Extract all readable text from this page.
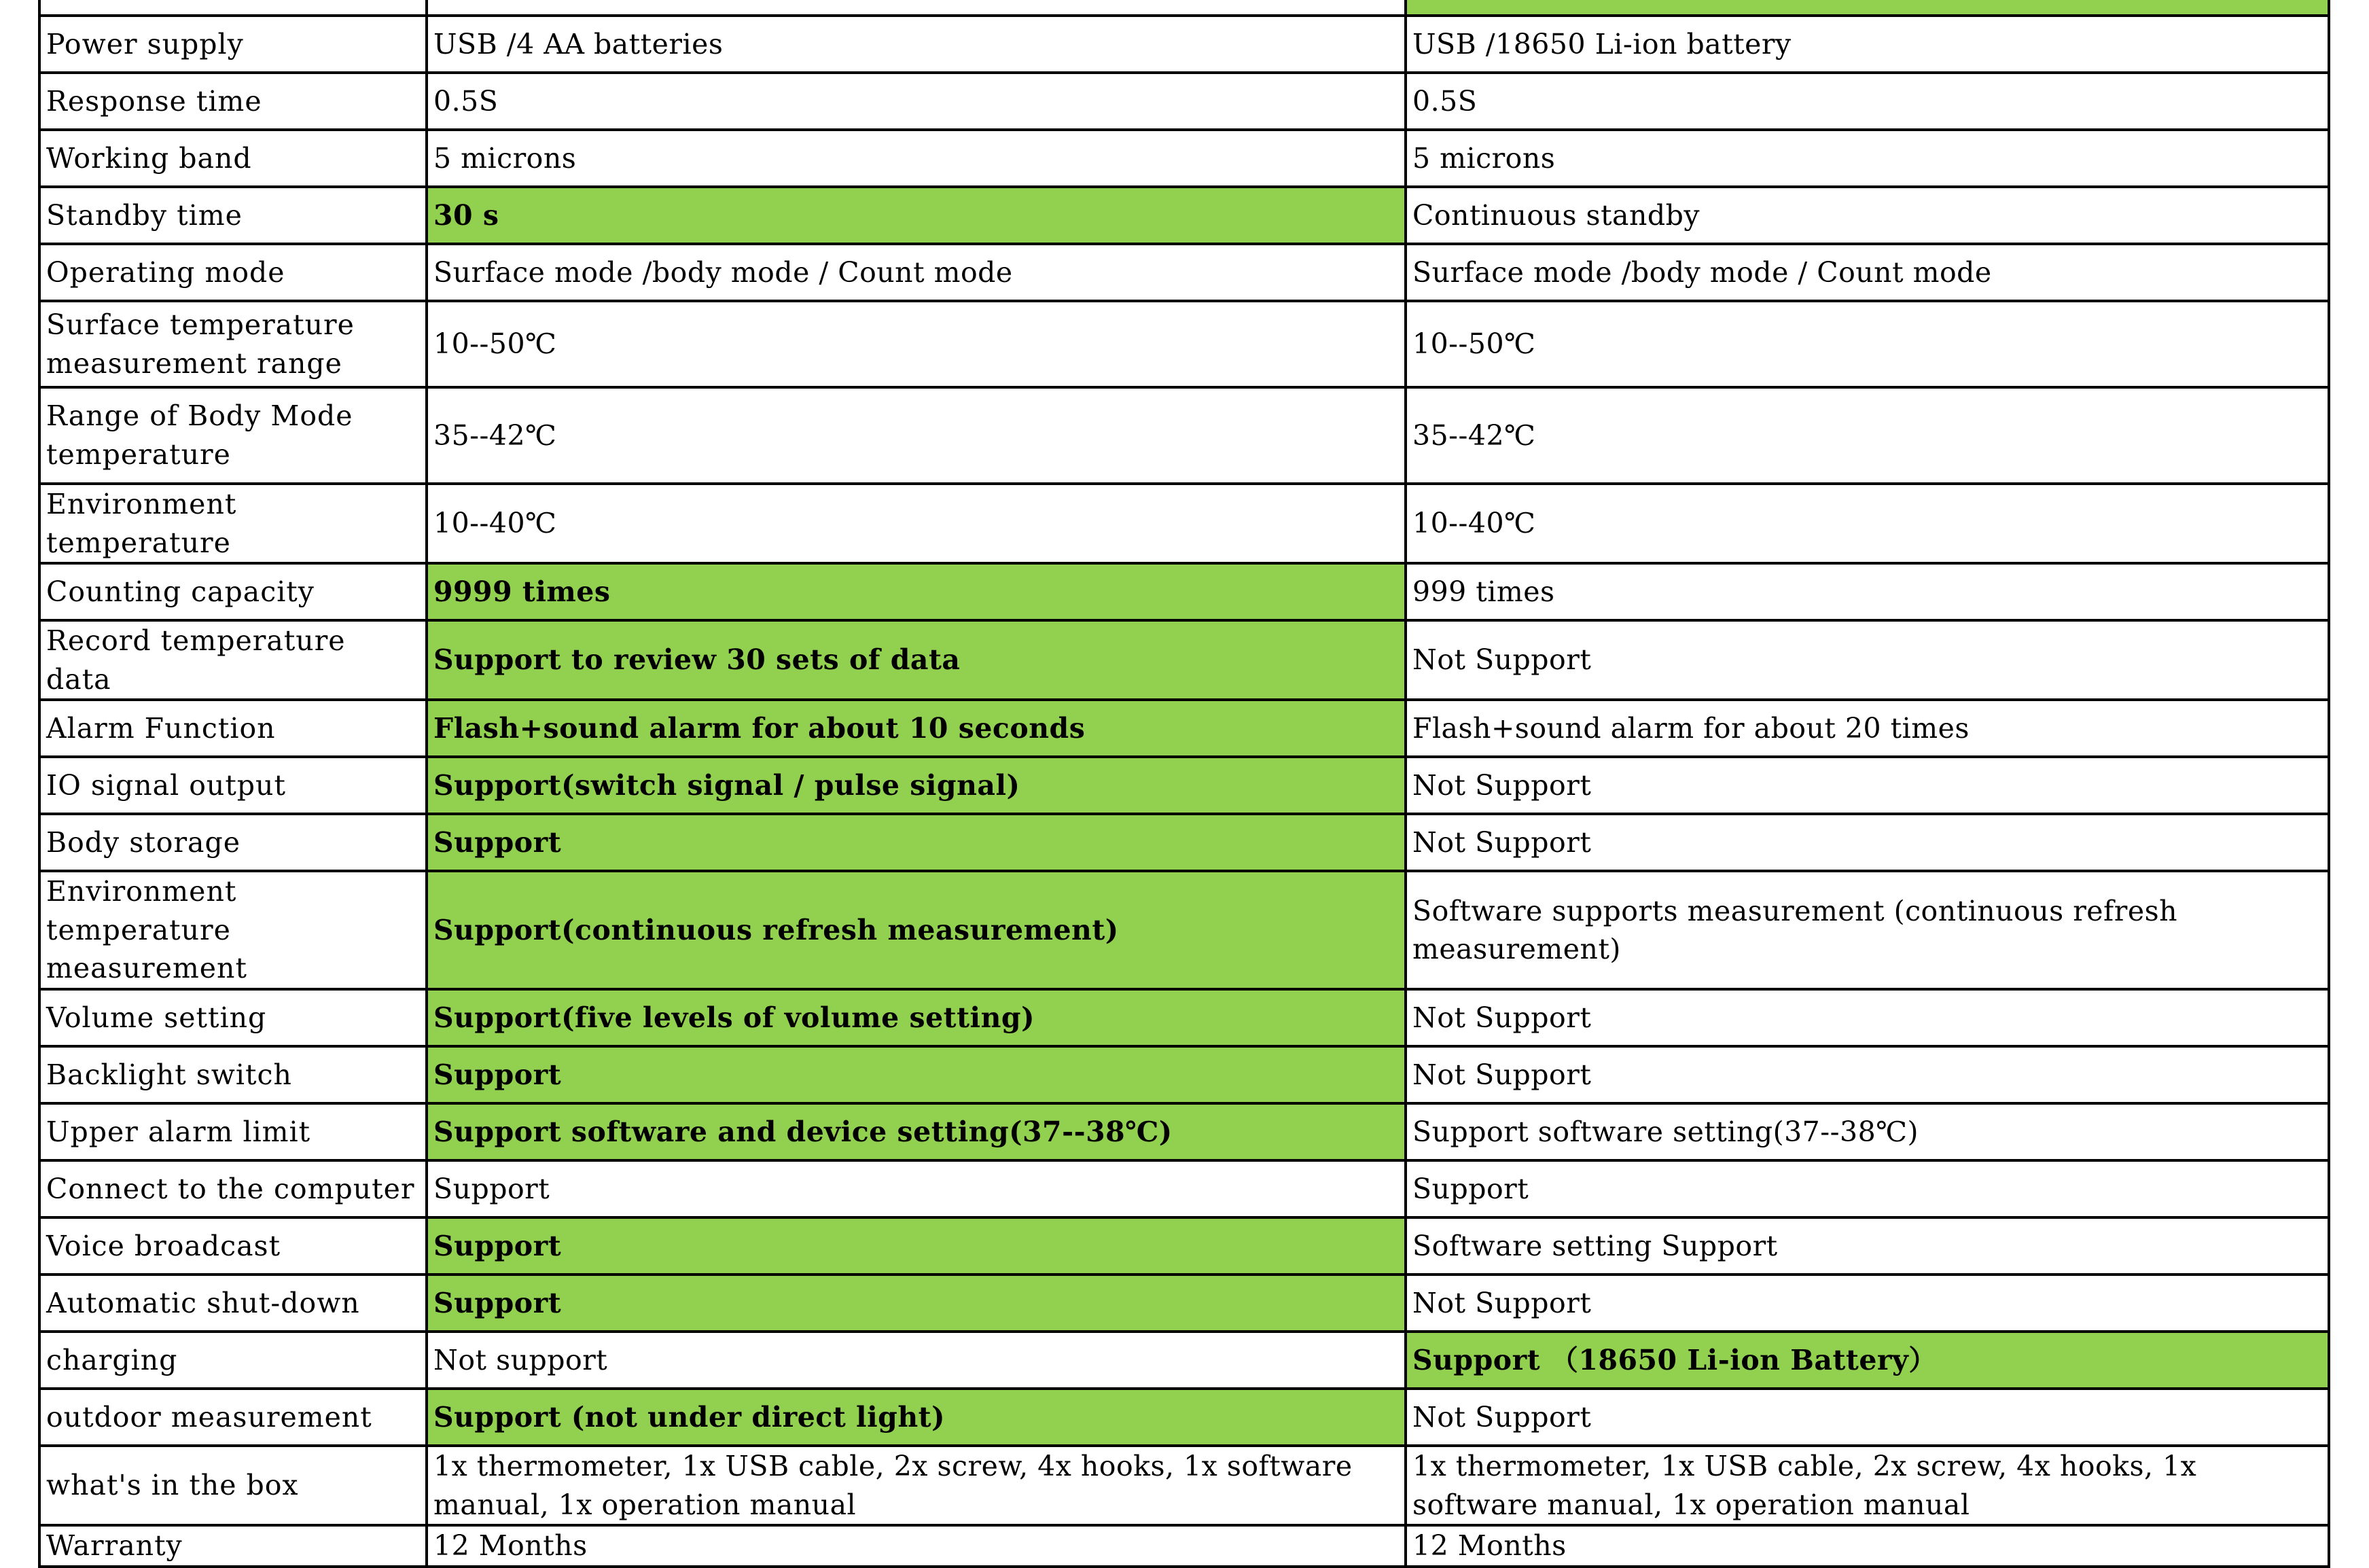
Power supply	USB /4 AA batteries	USB /18650 Li-ion battery
Response time	0.5S	0.5S
Working band	5 microns	5 microns
Standby time	30 s	Continuous standby
Operating mode	Surface mode /body mode / Count mode	Surface mode /body mode / Count mode
Surface temperature measurement range	10--50℃	10--50℃
Range of Body Mode temperature	35--42℃	35--42℃
Environment temperature	10--40℃	10--40℃
Counting capacity	9999 times	999 times
Record temperature data	Support to review 30 sets of data	Not Support
Alarm Function	Flash+sound alarm for about 10 seconds	Flash+sound alarm for about 20 times
IO signal output	Support(switch signal / pulse signal)	Not Support
Body storage	Support	Not Support
Environment temperature measurement	Support(continuous refresh measurement)	Software supports measurement (continuous refresh measurement)
Volume setting	Support(five levels of volume setting)	Not Support
Backlight switch	Support	Not Support
Upper alarm limit	Support software and device setting(37--38℃)	Support software setting(37--38℃)
Connect to the computer	Support	Support
Voice broadcast	Support	Software setting Support
Automatic shut-down	Support	Not Support
charging	Not support	Support （18650 Li-ion Battery）
outdoor measurement	Support (not under direct light)	Not Support
what's in the box	1x thermometer, 1x USB cable, 2x screw, 4x hooks, 1x software manual, 1x operation manual	1x thermometer, 1x USB cable, 2x screw, 4x hooks, 1x software manual, 1x operation manual
Warranty	12 Months	12 Months
